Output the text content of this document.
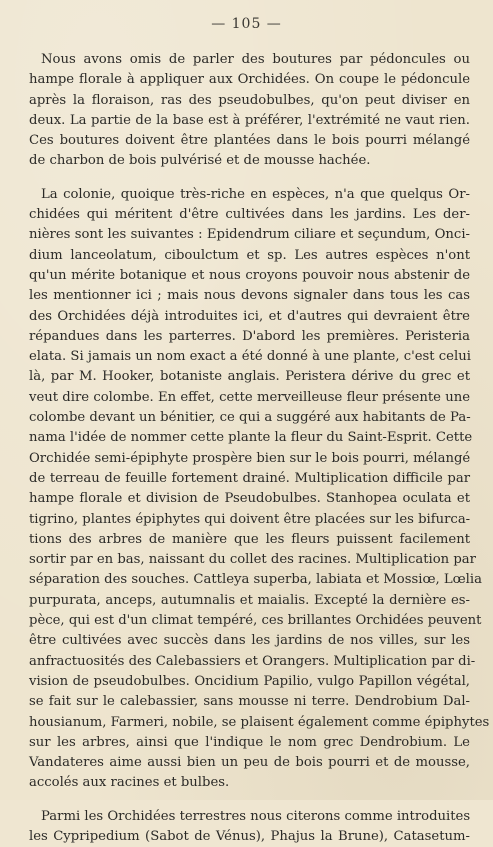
— 105 —
Nous avons omis de parler des boutures par pédoncules ou
hampe florale à appliquer aux Orchidées. On coupe le pédoncule
après la floraison, ras des pseudobulbes, qu'on peut diviser en
deux. La partie de la base est à préférer, l'extrémité ne vaut rien.
Ces boutures doivent être plantées dans le bois pourri mélangé
de charbon de bois pulvérisé et de mousse hachée.
La colonie, quoique très-riche en espèces, n'a que quelqus Or-
chidées qui méritent d'être cultivées dans les jardins. Les der-
nières sont les suivantes : Epidendrum ciliare et seçundum, Onci-
dium lanceolatum, ciboulctum et sp. Les autres espèces n'ont
qu'un mérite botanique et nous croyons pouvoir nous abstenir de
les mentionner ici ; mais nous devons signaler dans tous les cas
des Orchidées déjà introduites ici, et d'autres qui devraient être
répandues dans les parterres. D'abord les premières. Peristeria
elata. Si jamais un nom exact a été donné à une plante, c'est celui
là, par M. Hooker, botaniste anglais. Peristera dérive du grec et
veut dire colombe. En effet, cette merveilleuse fleur présente une
colombe devant un bénitier, ce qui a suggéré aux habitants de Pa-
nama l'idée de nommer cette plante la fleur du Saint-Esprit. Cette
Orchidée semi-épiphyte prospère bien sur le bois pourri, mélangé
de terreau de feuille fortement drainé. Multiplication difficile par
hampe florale et division de Pseudobulbes. Stanhopea oculata et
tigrino, plantes épiphytes qui doivent être placées sur les bifurca-
tions des arbres de manière que les fleurs puissent facilement
sortir par en bas, naissant du collet des racines. Multiplication par
séparation des souches. Cattleya superba, labiata et Mossiœ, Lœlia
purpurata, anceps, autumnalis et maialis. Excepté la dernière es-
pèce, qui est d'un climat tempéré, ces brillantes Orchidées peuvent
être cultivées avec succès dans les jardins de nos villes, sur les
anfractuosités des Calebassiers et Orangers. Multiplication par di-
vision de pseudobulbes. Oncidium Papilio, vulgo Papillon végétal,
se fait sur le calebassier, sans mousse ni terre. Dendrobium Dal-
housianum, Farmeri, nobile, se plaisent également comme épiphytes
sur les arbres, ainsi que l'indique le nom grec Dendrobium. Le
Vandateres aime aussi bien un peu de bois pourri et de mousse,
accolés aux racines et bulbes.
Parmi les Orchidées terrestres nous citerons comme introduites
les Cypripedium (Sabot de Vénus), Phajus la Brune), Catasetum-
